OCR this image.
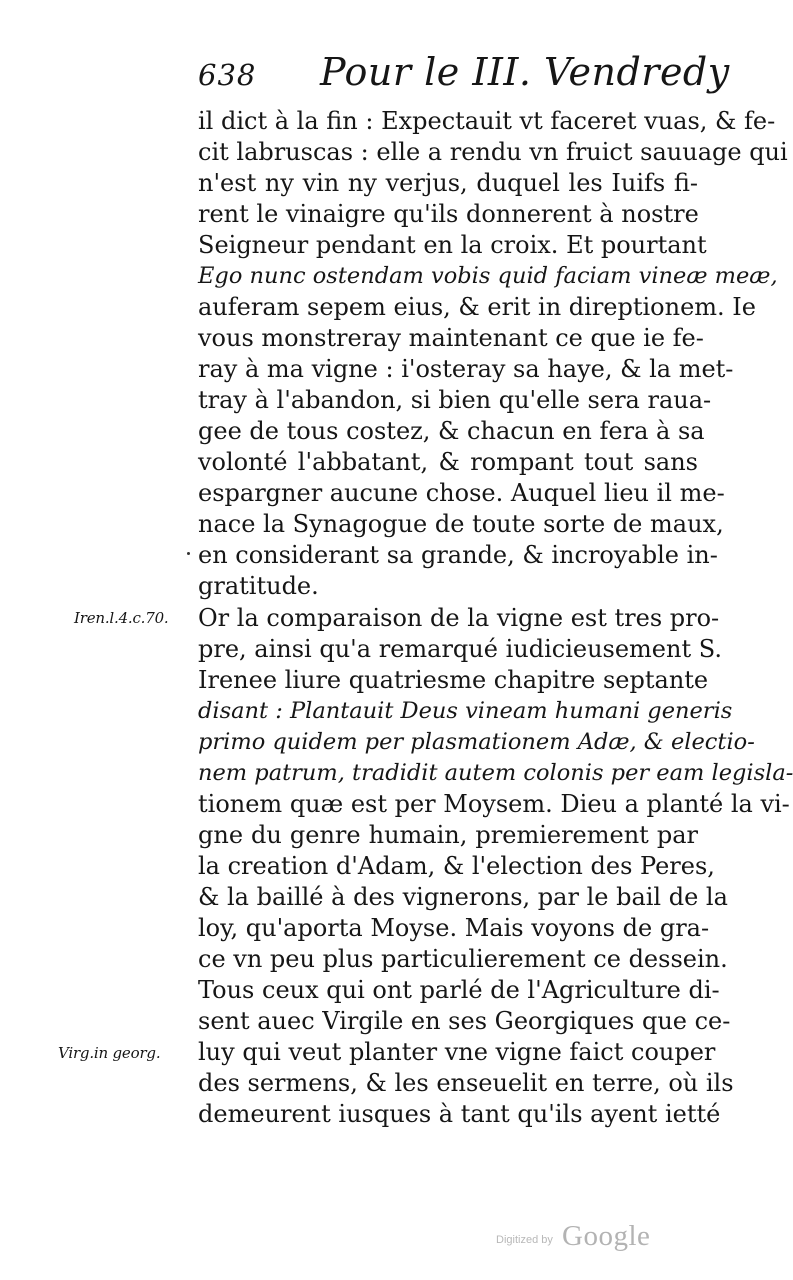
638 Pour le III. Vendredy
il dict à la fin : Expectauit vt faceret vuas, & fe-
cit labruscas : elle a rendu vn fruict sauuage qui
n'est ny vin ny verjus, duquel les Iuifs fi-
rent le vinaigre qu'ils donnerent à nostre
Seigneur pendant en la croix. Et pourtant
Ego nunc ostendam vobis quid faciam vineæ meæ,
auferam sepem eius, & erit in direptionem. Ie
vous monstreray maintenant ce que ie fe-
ray à ma vigne : i'osteray sa haye, & la met-
tray à l'abandon, si bien qu'elle sera raua-
gee de tous costez, & chacun en fera à sa
volonté l'abbatant, & rompant tout sans
espargner aucune chose. Auquel lieu il me-
nace la Synagogue de toute sorte de maux,
en considerant sa grande, & incroyable in-
gratitude.
Or la comparaison de la vigne est tres pro-
pre, ainsi qu'a remarqué iudicieusement S.
Irenee liure quatriesme chapitre septante
disant : Plantauit Deus vineam humani generis
primo quidem per plasmationem Adæ, & electio-
nem patrum, tradidit autem colonis per eam legisla-
tionem quæ est per Moysem. Dieu a planté la vi-
gne du genre humain, premierement par
la creation d'Adam, & l'election des Peres,
& la baillé à des vignerons, par le bail de la
loy, qu'aporta Moyse. Mais voyons de gra-
ce vn peu plus particulierement ce dessein.
Tous ceux qui ont parlé de l'Agriculture di-
sent auec Virgile en ses Georgiques que ce-
luy qui veut planter vne vigne faict couper
des sermens, & les enseuelit en terre, où ils
demeurent iusques à tant qu'ils ayent ietté
Iren.l.4.c.70.
Virg.in georg.
Digitized by Google
